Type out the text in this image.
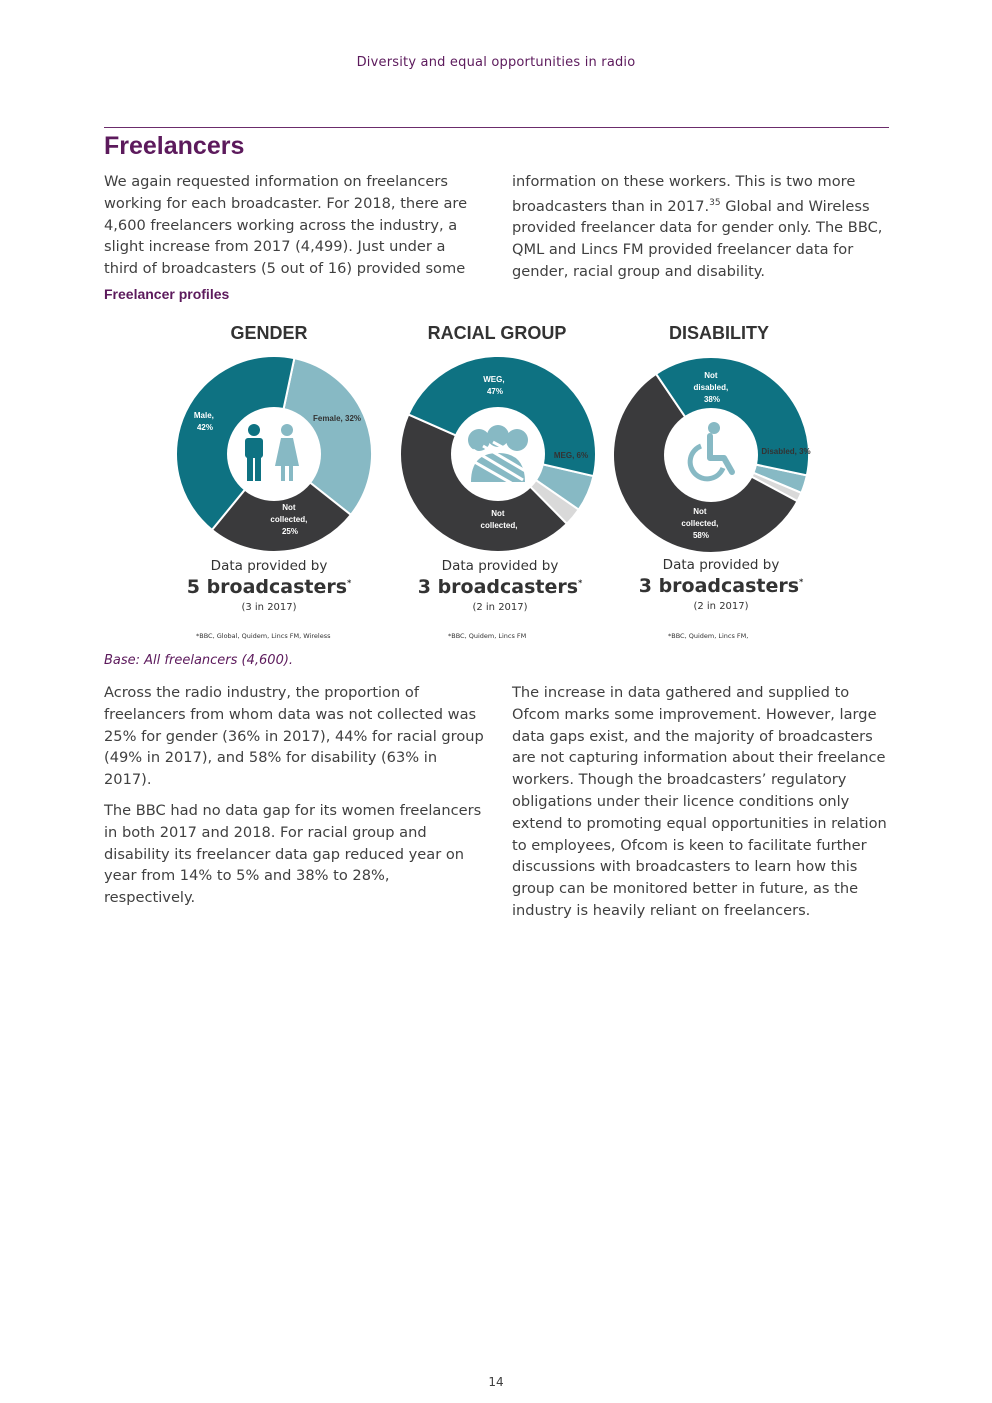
Diversity and equal opportunities in radio
Freelancers

We again requested information on freelancers working for each broadcaster. For 2018, there are 4,600 freelancers working across the industry, a slight increase from 2017 (4,499). Just under a third of broadcasters (5 out of 16) provided some

information on these workers. This is two more broadcasters than in 2017.35 Global and Wireless provided freelancer data for gender only. The BBC, QML and Lincs FM provided freelancer data for gender, racial group and disability.

Freelancer profiles
GENDER	RACIAL GROUP	DISABILITY
Female, 32%
Not collected, 25%
Male, 42%
WEG, 47%
MEG, 6%
Not collected,
Not disabled, 38%
Disabled, 3%
Not collected, 58%
Data provided by
5 broadcasters*
(3 in 2017)
Data provided by
3 broadcasters*
(2 in 2017)
Data provided by
3 broadcasters*
(2 in 2017)
*BBC, Global, Quidem, Lincs FM, Wireless	*BBC, Quidem, Lincs FM	*BBC, Quidem, Lincs FM,
Base: All freelancers (4,600).

Across the radio industry, the proportion of freelancers from whom data was not collected was 25% for gender (36% in 2017), 44% for racial group (49% in 2017), and 58% for disability (63% in 2017).

The BBC had no data gap for its women freelancers in both 2017 and 2018. For racial group and disability its freelancer data gap reduced year on year from 14% to 5% and 38% to 28%, respectively.

The increase in data gathered and supplied to Ofcom marks some improvement. However, large data gaps exist, and the majority of broadcasters are not capturing information about their freelance workers. Though the broadcasters’ regulatory obligations under their licence conditions only extend to promoting equal opportunities in relation to employees, Ofcom is keen to facilitate further discussions with broadcasters to learn how this group can be monitored better in future, as the industry is heavily reliant on freelancers.

14
